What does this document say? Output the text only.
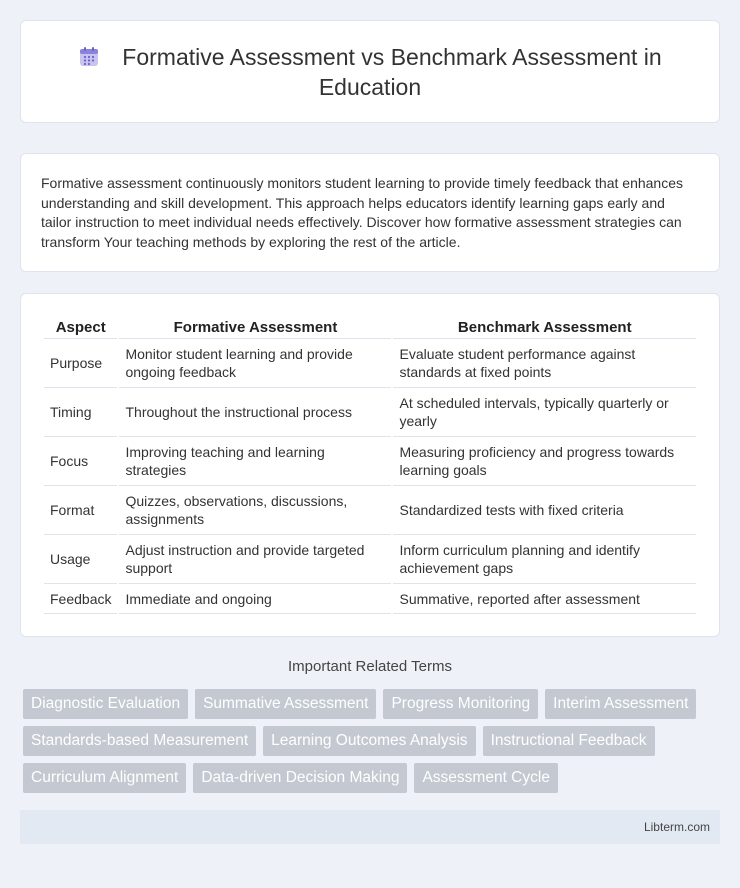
Formative Assessment vs Benchmark Assessment in Education

Formative assessment continuously monitors student learning to provide timely feedback that enhances understanding and skill development. This approach helps educators identify learning gaps early and tailor instruction to meet individual needs effectively. Discover how formative assessment strategies can transform Your teaching methods by exploring the rest of the article.

Aspect	Formative Assessment	Benchmark Assessment
Purpose	Monitor student learning and provide ongoing feedback	Evaluate student performance against standards at fixed points
Timing	Throughout the instructional process	At scheduled intervals, typically quarterly or yearly
Focus	Improving teaching and learning strategies	Measuring proficiency and progress towards learning goals
Format	Quizzes, observations, discussions, assignments	Standardized tests with fixed criteria
Usage	Adjust instruction and provide targeted support	Inform curriculum planning and identify achievement gaps
Feedback	Immediate and ongoing	Summative, reported after assessment
Important Related Terms
Diagnostic Evaluation	Summative Assessment	Progress Monitoring	Interim Assessment
Standards-based Measurement	Learning Outcomes Analysis	Instructional Feedback
Curriculum Alignment	Data-driven Decision Making	Assessment Cycle
Libterm.com
